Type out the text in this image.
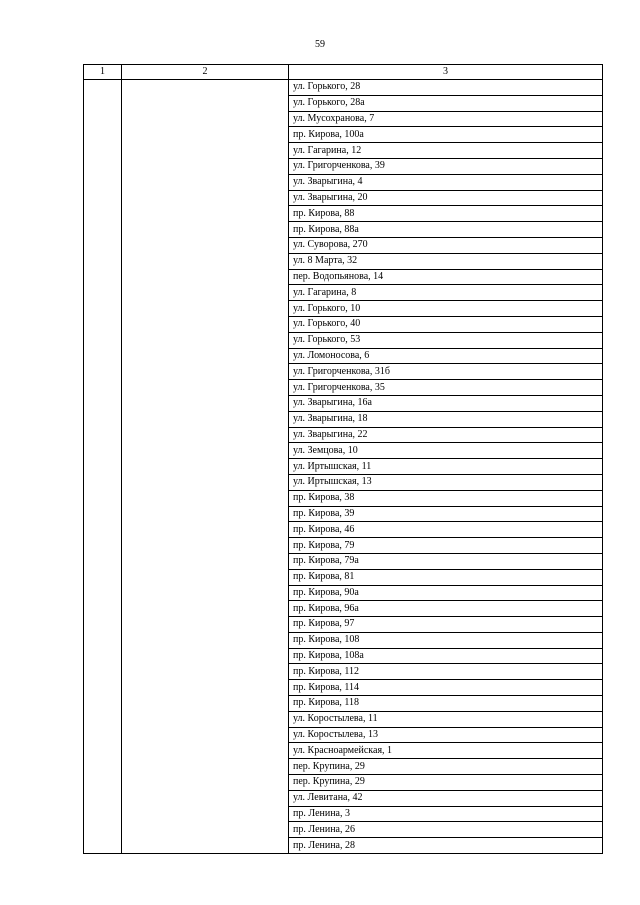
59
1	2	3
		ул. Горького, 28
		ул. Горького, 28а
		ул. Мусохранова, 7
		пр. Кирова, 100а
		ул. Гагарина, 12
		ул. Григорченкова, 39
		ул. Зварыгина, 4
		ул. Зварыгина, 20
		пр. Кирова, 88
		пр. Кирова, 88а
		ул. Суворова, 270
		ул. 8 Марта, 32
		пер. Водопьянова, 14
		ул. Гагарина, 8
		ул. Горького, 10
		ул. Горького, 40
		ул. Горького, 53
		ул. Ломоносова, 6
		ул. Григорченкова, 31б
		ул. Григорченкова, 35
		ул. Зварыгина, 16а
		ул. Зварыгина, 18
		ул. Зварыгина, 22
		ул. Земцова, 10
		ул. Иртышская, 11
		ул. Иртышская, 13
		пр. Кирова, 38
		пр. Кирова, 39
		пр. Кирова, 46
		пр. Кирова, 79
		пр. Кирова, 79а
		пр. Кирова, 81
		пр. Кирова, 90а
		пр. Кирова, 96а
		пр. Кирова, 97
		пр. Кирова, 108
		пр. Кирова, 108а
		пр. Кирова, 112
		пр. Кирова, 114
		пр. Кирова, 118
		ул. Коростылева, 11
		ул. Коростылева, 13
		ул. Красноармейская, 1
		пер. Крупина, 29
		пер. Крупина, 29
		ул. Левитана, 42
		пр. Ленина, 3
		пр. Ленина, 26
		пр. Ленина, 28
